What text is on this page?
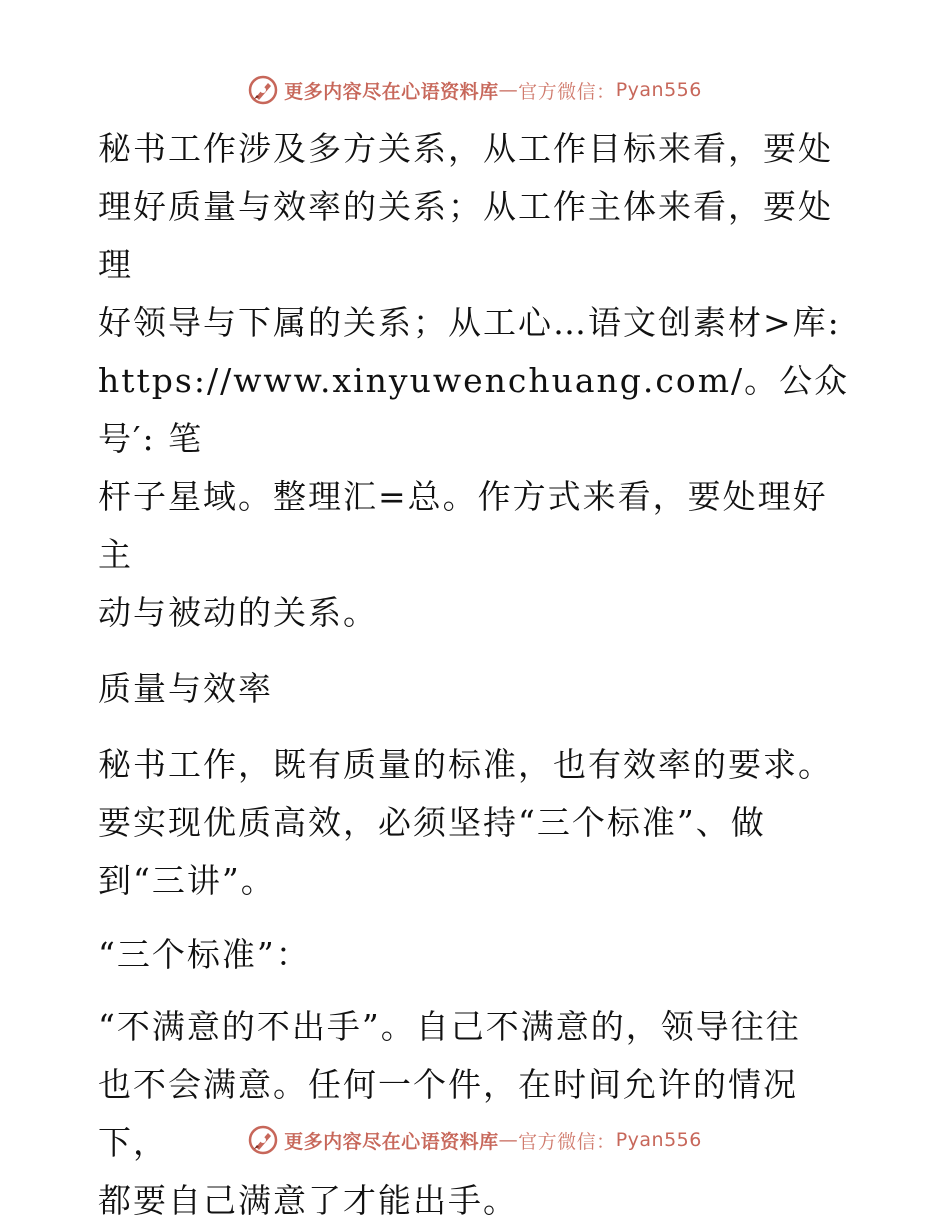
更多内容尽在心语资料库 — 官方微信： Pyan556

秘书工作涉及多方关系，从工作目标来看，要处
理好质量与效率的关系；从工作主体来看，要处理
好领导与下属的关系；从工心…语文创素材>库:
https://www.xinyuwenchuang.com/。公众号′: 笔
杆子星域。整理汇=总。作方式来看，要处理好主
动与被动的关系。

质量与效率

秘书工作，既有质量的标准，也有效率的要求。
要实现优质高效，必须坚持“三个标准”、做
到“三讲”。

“三个标准”：

“不满意的不出手”。自己不满意的，领导往往
也不会满意。任何一个件，在时间允许的情况下，
都要自己满意了才能出手。

更多内容尽在心语资料库 — 官方微信： Pyan556
